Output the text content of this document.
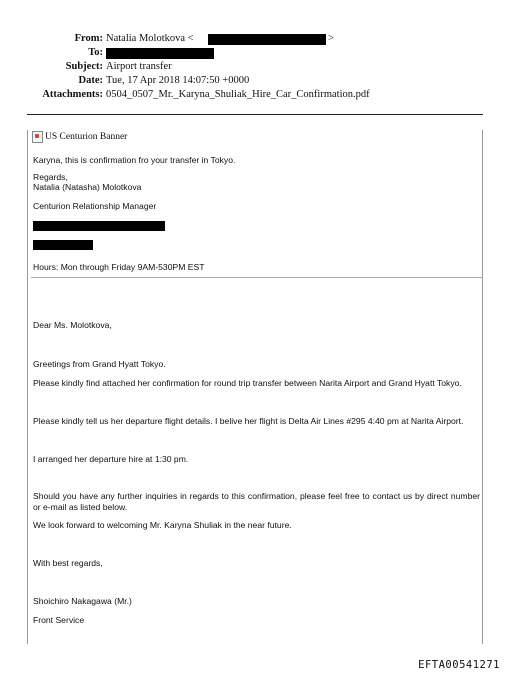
From: Natalia Molotkova <	>
To:
Subject: Airport transfer
Date: Tue, 17 Apr 2018 14:07:50 +0000
Attachments: 0504_0507_Mr._Karyna_Shuliak_Hire_Car_Confirmation.pdf
US Centurion Banner
Karyna, this is confirmation fro your transfer in Tokyo.
Regards,
Natalia (Natasha) Molotkova
Centurion Relationship Manager
Hours: Mon through Friday 9AM-530PM EST
Dear Ms. Molotkova,
Greetings from Grand Hyatt Tokyo.
Please kindly find attached her confirmation for round trip transfer between Narita Airport and Grand Hyatt Tokyo.
Please kindly tell us her departure flight details. I belive her flight is Delta Air Lines #295 4:40 pm at Narita Airport.
I arranged her departure hire at 1:30 pm.
Should you have any further inquiries in regards to this confirmation, please feel free to contact us by direct number or e-mail as listed below.
We look forward to welcoming Mr. Karyna Shuliak in the near future.
With best regards,
Shoichiro Nakagawa (Mr.)
Front Service
EFTA00541271
